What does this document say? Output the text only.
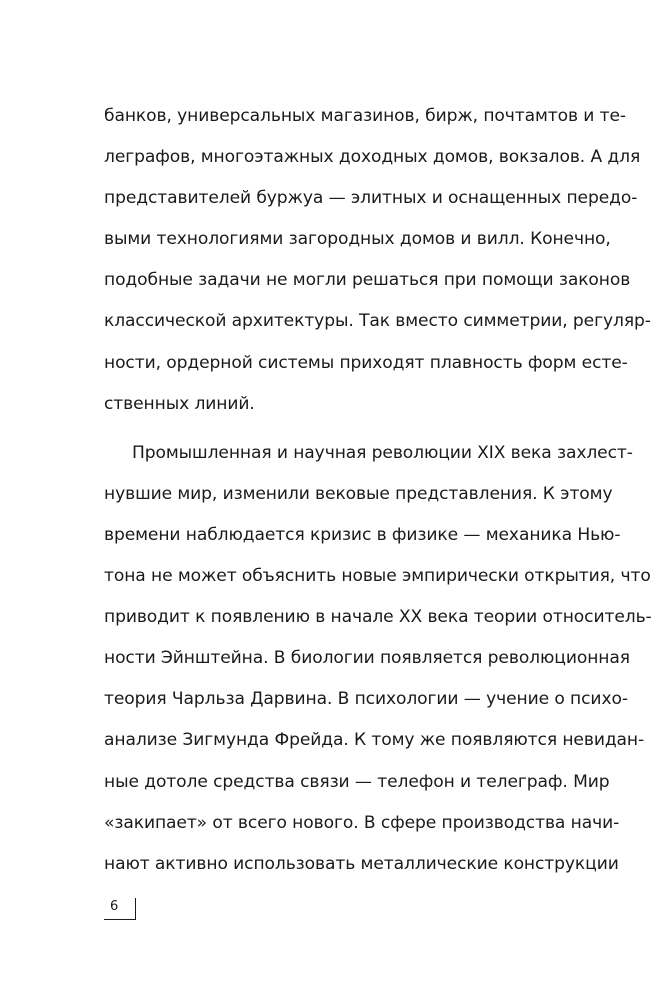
банков, универсальных магазинов, бирж, почтамтов и те-
леграфов, многоэтажных доходных домов, вокзалов. А для
представителей буржуа — элитных и оснащенных передо-
выми технологиями загородных домов и вилл. Конечно,
подобные задачи не могли решаться при помощи законов
классической архитектуры. Так вместо симметрии, регуляр-
ности, ордерной системы приходят плавность форм есте-
ственных линий.
Промышленная и научная революции XIX века захлест-
нувшие мир, изменили вековые представления. К этому
времени наблюдается кризис в физике — механика Нью-
тона не может объяснить новые эмпирически открытия, что
приводит к появлению в начале XX века теории относитель-
ности Эйнштейна. В биологии появляется революционная
теория Чарльза Дарвина. В психологии — учение о психо-
анализе Зигмунда Фрейда. К тому же появляются невидан-
ные дотоле средства связи — телефон и телеграф. Мир
«закипает» от всего нового. В сфере производства начи-
нают активно использовать металлические конструкции
6
